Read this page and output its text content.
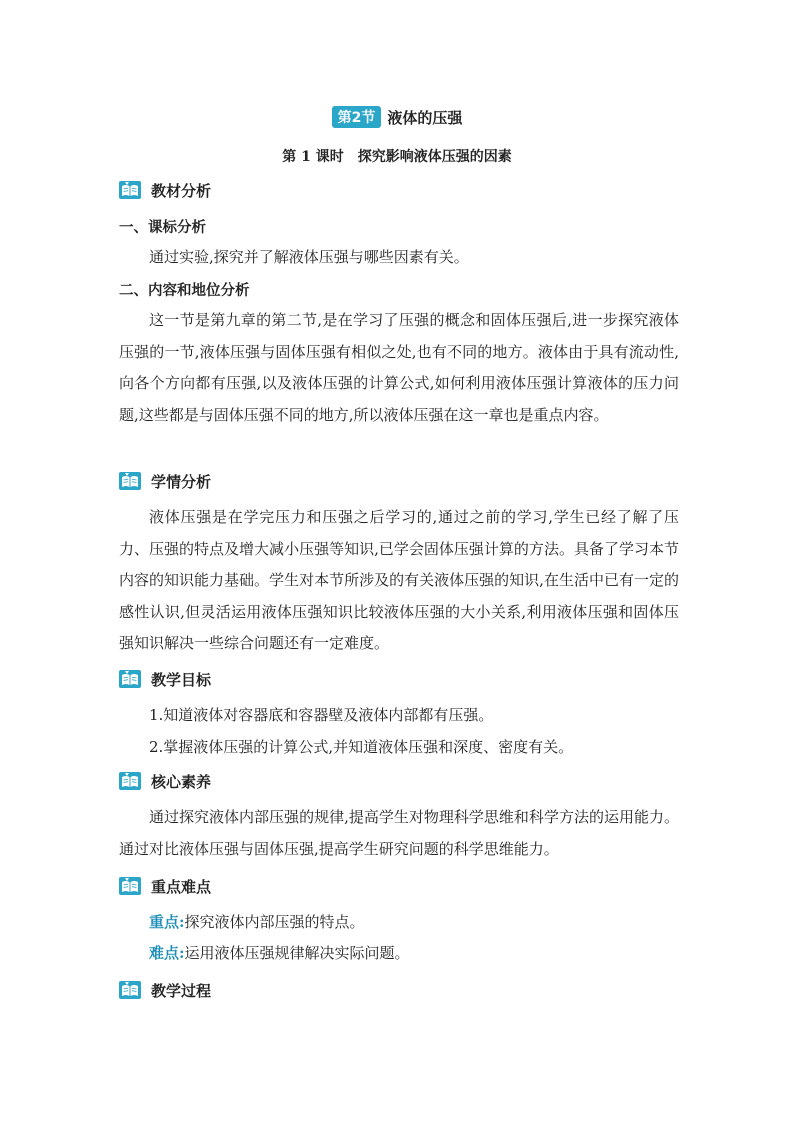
第2节 液体的压强
第 1 课时 探究影响液体压强的因素
教材分析
一、课标分析

通过实验,探究并了解液体压强与哪些因素有关。

二、内容和地位分析

这一节是第九章的第二节,是在学习了压强的概念和固体压强后,进一步探究液体压强的一节,液体压强与固体压强有相似之处,也有不同的地方。液体由于具有流动性,向各个方向都有压强,以及液体压强的计算公式,如何利用液体压强计算液体的压力问题,这些都是与固体压强不同的地方,所以液体压强在这一章也是重点内容。

学情分析

液体压强是在学完压力和压强之后学习的,通过之前的学习,学生已经了解了压力、压强的特点及增大减小压强等知识,已学会固体压强计算的方法。具备了学习本节内容的知识能力基础。学生对本节所涉及的有关液体压强的知识,在生活中已有一定的感性认识,但灵活运用液体压强知识比较液体压强的大小关系,利用液体压强和固体压强知识解决一些综合问题还有一定难度。

教学目标

1.知道液体对容器底和容器壁及液体内部都有压强。

2.掌握液体压强的计算公式,并知道液体压强和深度、密度有关。

核心素养

通过探究液体内部压强的规律,提高学生对物理科学思维和科学方法的运用能力。通过对比液体压强与固体压强,提高学生研究问题的科学思维能力。

重点难点

重点:探究液体内部压强的特点。

难点:运用液体压强规律解决实际问题。

教学过程
